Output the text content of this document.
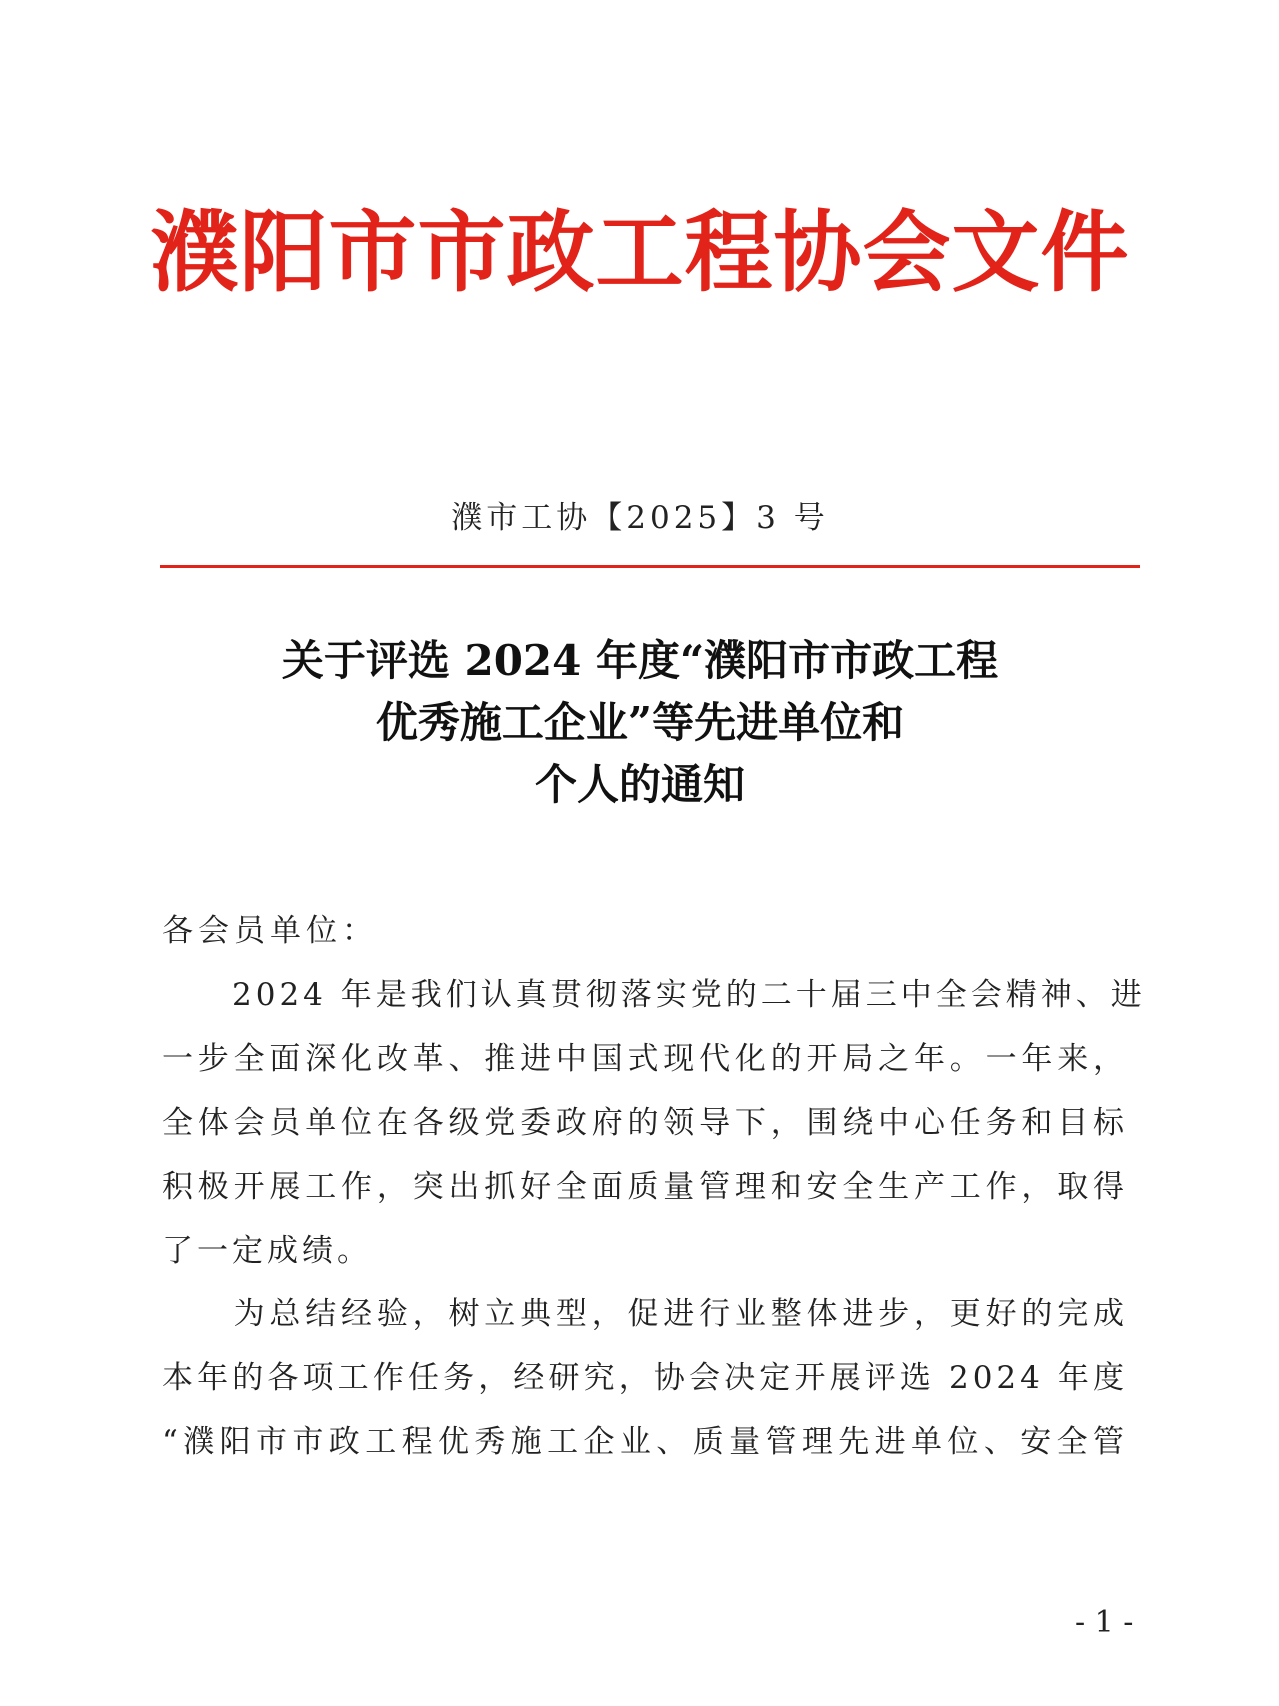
濮阳市市政工程协会文件
濮市工协【2025】3 号
关于评选 2024 年度“濮阳市市政工程
优秀施工企业”等先进单位和
个人的通知
各会员单位：
　　2024 年是我们认真贯彻落实党的二十届三中全会精神、进
一步全面深化改革、推进中国式现代化的开局之年。一年来，
全体会员单位在各级党委政府的领导下，围绕中心任务和目标
积极开展工作，突出抓好全面质量管理和安全生产工作，取得
了一定成绩。
　　为总结经验，树立典型，促进行业整体进步，更好的完成
本年的各项工作任务，经研究，协会决定开展评选 2024 年度
“濮阳市市政工程优秀施工企业、质量管理先进单位、安全管
- 1 -
